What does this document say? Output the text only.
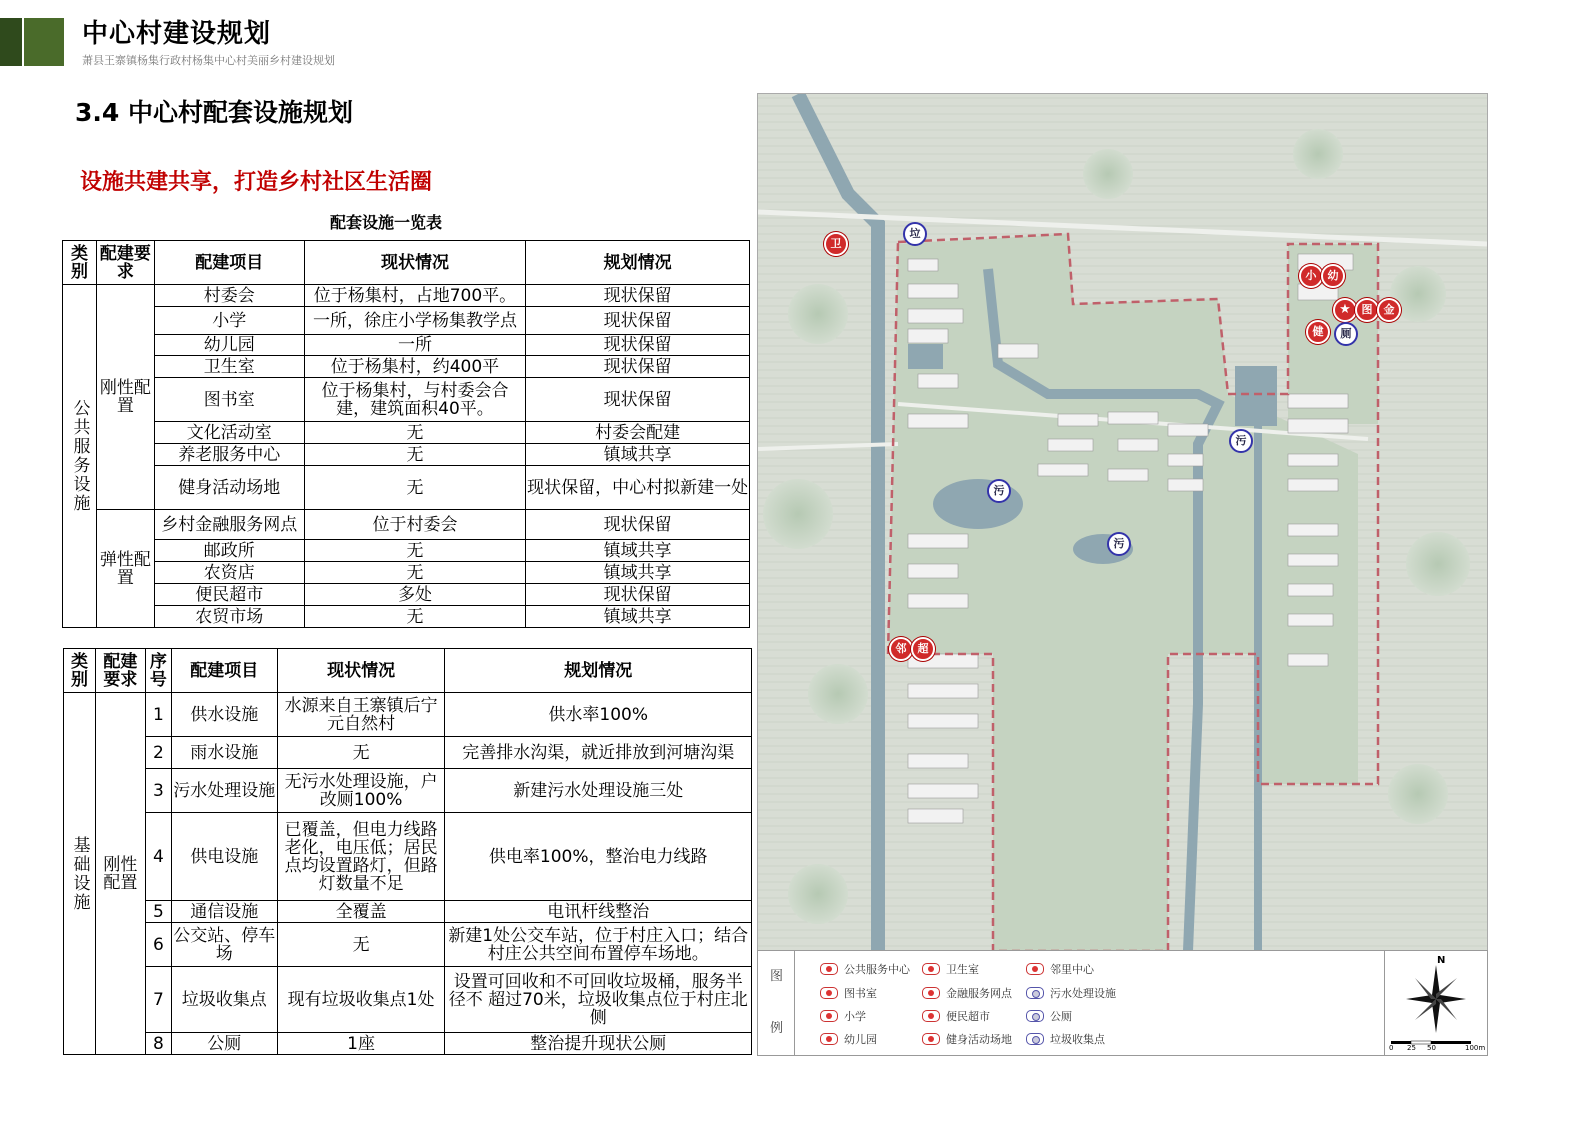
中心村建设规划
萧县王寨镇杨集行政村杨集中心村美丽乡村建设规划
3.4 中心村配套设施规划
设施共建共享，打造乡村社区生活圈
配套设施一览表
类别	配建要求	配建项目	现状情况	规划情况

公共服务设施	刚性配置	村委会	位于杨集村，占地700平。	现状保留
		小学	一所，徐庄小学杨集教学点	现状保留
		幼儿园	一所	现状保留
		卫生室	位于杨集村，约400平	现状保留
		图书室	位于杨集村，与村委会合建，建筑面积40平。	现状保留
		文化活动室	无	村委会配建
		养老服务中心	无	镇域共享
		健身活动场地	无	现状保留，中心村拟新建一处
	弹性配置	乡村金融服务网点	位于村委会	现状保留
		邮政所	无	镇域共享
		农资店	无	镇域共享
		便民超市	多处	现状保留
		农贸市场	无	镇域共享
类别	配建要求	序号	配建项目	现状情况	规划情况

基础设施	刚性配置	1	供水设施	水源来自王寨镇后宁元自然村	供水率100%
		2	雨水设施	无	完善排水沟渠，就近排放到河塘沟渠
		3	污水处理设施	无污水处理设施，户改厕100%	新建污水处理设施三处
		4	供电设施	已覆盖，但电力线路老化，电压低；居民点均设置路灯，但路灯数量不足	供电率100%，整治电力线路
		5	通信设施	全覆盖	电讯杆线整治
		6	公交站、停车场	无	新建1处公交车站，位于村庄入口；结合村庄公共空间布置停车场地。
		7	垃圾收集点	现有垃圾收集点1处	设置可回收和不可回收垃圾桶，服务半径不 超过70米，垃圾收集点位于村庄北侧
		8	公厕	1座	整治提升现状公厕
卫
垃
小	幼
★ 图	金
健	厕
污
污
污
邻	超
图
例
公共服务中心	卫生室	邻里中心
图书室	金融服务网点	污水处理设施
小学	便民超市	公厕
幼儿园	健身活动场地	垃圾收集点
N
0 25 50	100m
